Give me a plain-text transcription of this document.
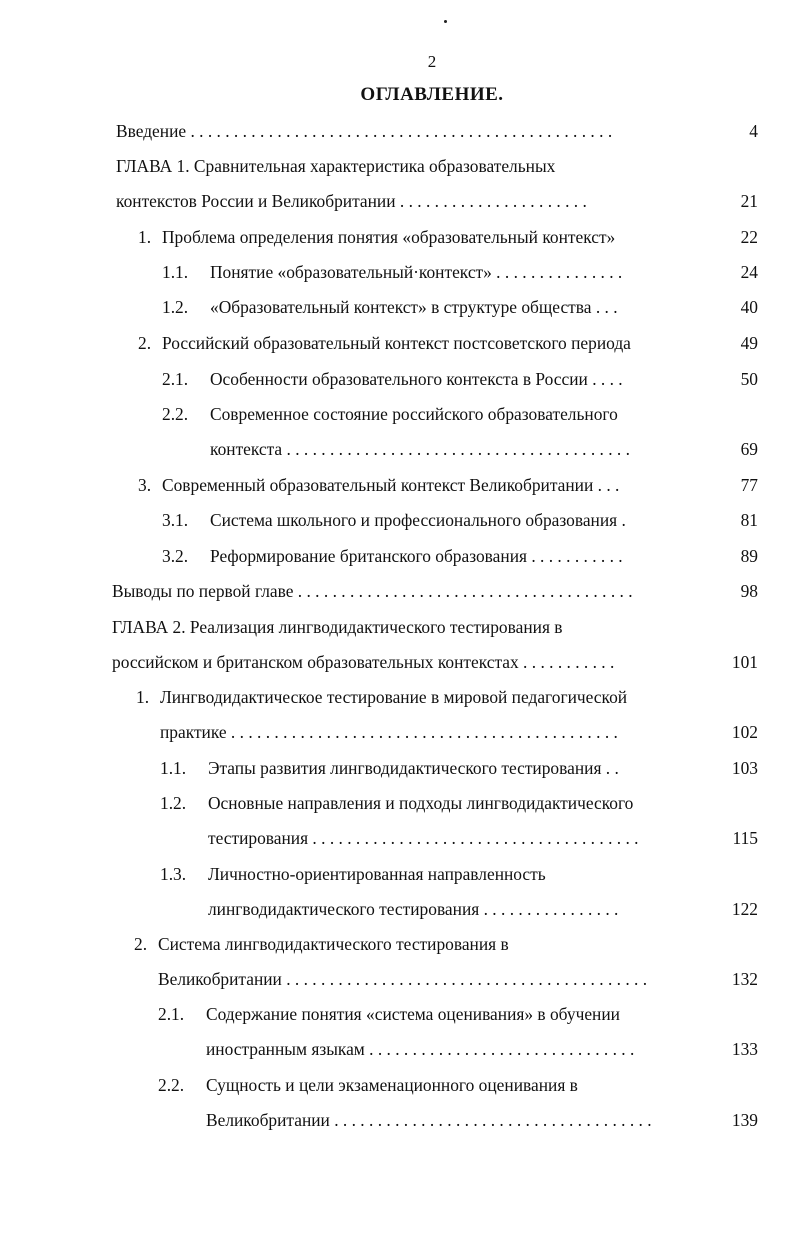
2
ОГЛАВЛЕНИЕ.
Введение . . . . . . . . . . . . . . . . . . . . . . . . . . . . . . . . . . . . . . . . . . . . . . . . .	4
ГЛАВА 1. Сравнительная характеристика образовательных
контекстов России и Великобритании . . . . . . . . . . . . . . . . . . . . . .	21
1. Проблема определения понятия «образовательный контекст»	22
1.1. Понятие «образовательный·контекст» . . . . . . . . . . . . . . .	24
1.2. «Образовательный контекст» в структуре общества . . .	40
2. Российский образовательный контекст постсоветского периода	49
2.1. Особенности образовательного контекста в России . . . .	50
2.2. Современное состояние российского образовательного
контекста . . . . . . . . . . . . . . . . . . . . . . . . . . . . . . . . . . . . . . . .	69
3. Современный образовательный контекст Великобритании . . .	77
3.1. Система школьного и профессионального образования .	81
3.2. Реформирование британского образования . . . . . . . . . . .	89
Выводы по первой главе . . . . . . . . . . . . . . . . . . . . . . . . . . . . . . . . . . . . . . .	98
ГЛАВА 2. Реализация лингводидактического тестирования в
российском и британском образовательных контекстах . . . . . . . . . . .	101
1. Лингводидактическое тестирование в мировой педагогической
практике . . . . . . . . . . . . . . . . . . . . . . . . . . . . . . . . . . . . . . . . . . . . .	102
1.1. Этапы развития лингводидактического тестирования . .	103
1.2. Основные направления и подходы лингводидактического
тестирования . . . . . . . . . . . . . . . . . . . . . . . . . . . . . . . . . . . . . .	115
1.3. Личностно-ориентированная направленность
лингводидактического тестирования . . . . . . . . . . . . . . . .	122
2. Система лингводидактического тестирования в
Великобритании . . . . . . . . . . . . . . . . . . . . . . . . . . . . . . . . . . . . . . . . . .	132
2.1. Содержание понятия «система оценивания» в обучении
иностранным языкам . . . . . . . . . . . . . . . . . . . . . . . . . . . . . . .	133
2.2. Сущность и цели экзаменационного оценивания в
Великобритании . . . . . . . . . . . . . . . . . . . . . . . . . . . . . . . . . . . . .	139
